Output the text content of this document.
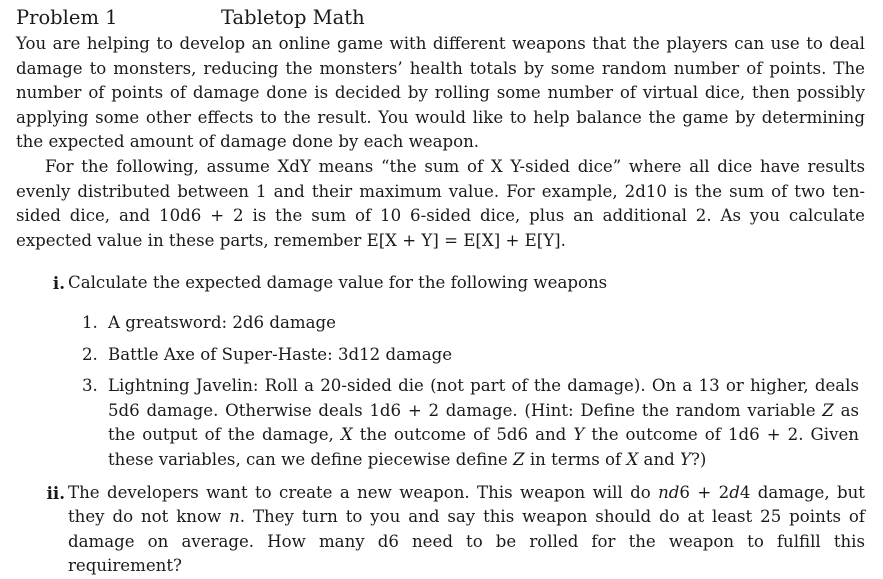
Problem 1	Tabletop Math

You are helping to develop an online game with different weapons that the players can use to deal damage to monsters, reducing the monsters’ health totals by some random number of points. The number of points of damage done is decided by rolling some number of virtual dice, then possibly applying some other effects to the result. You would like to help balance the game by determining the expected amount of damage done by each weapon.

For the following, assume XdY means “the sum of X Y-sided dice” where all dice have results evenly distributed between 1 and their maximum value. For example, 2d10 is the sum of two ten-sided dice, and 10d6 + 2 is the sum of 10 6-sided dice, plus an additional 2. As you calculate expected value in these parts, remember E[X + Y] = E[X] + E[Y].

i. Calculate the expected damage value for the following weapons
1. A greatsword: 2d6 damage
2. Battle Axe of Super-Haste: 3d12 damage
3. Lightning Javelin: Roll a 20-sided die (not part of the damage). On a 13 or higher, deals 5d6 damage. Otherwise deals 1d6 + 2 damage. (Hint: Define the random variable Z as the output of the damage, X the outcome of 5d6 and Y the outcome of 1d6 + 2. Given these variables, can we define piecewise define Z in terms of X and Y?)
ii. The developers want to create a new weapon. This weapon will do nd6 + 2d4 damage, but they do not know n. They turn to you and say this weapon should do at least 25 points of damage on average. How many d6 need to be rolled for the weapon to fulfill this requirement?
